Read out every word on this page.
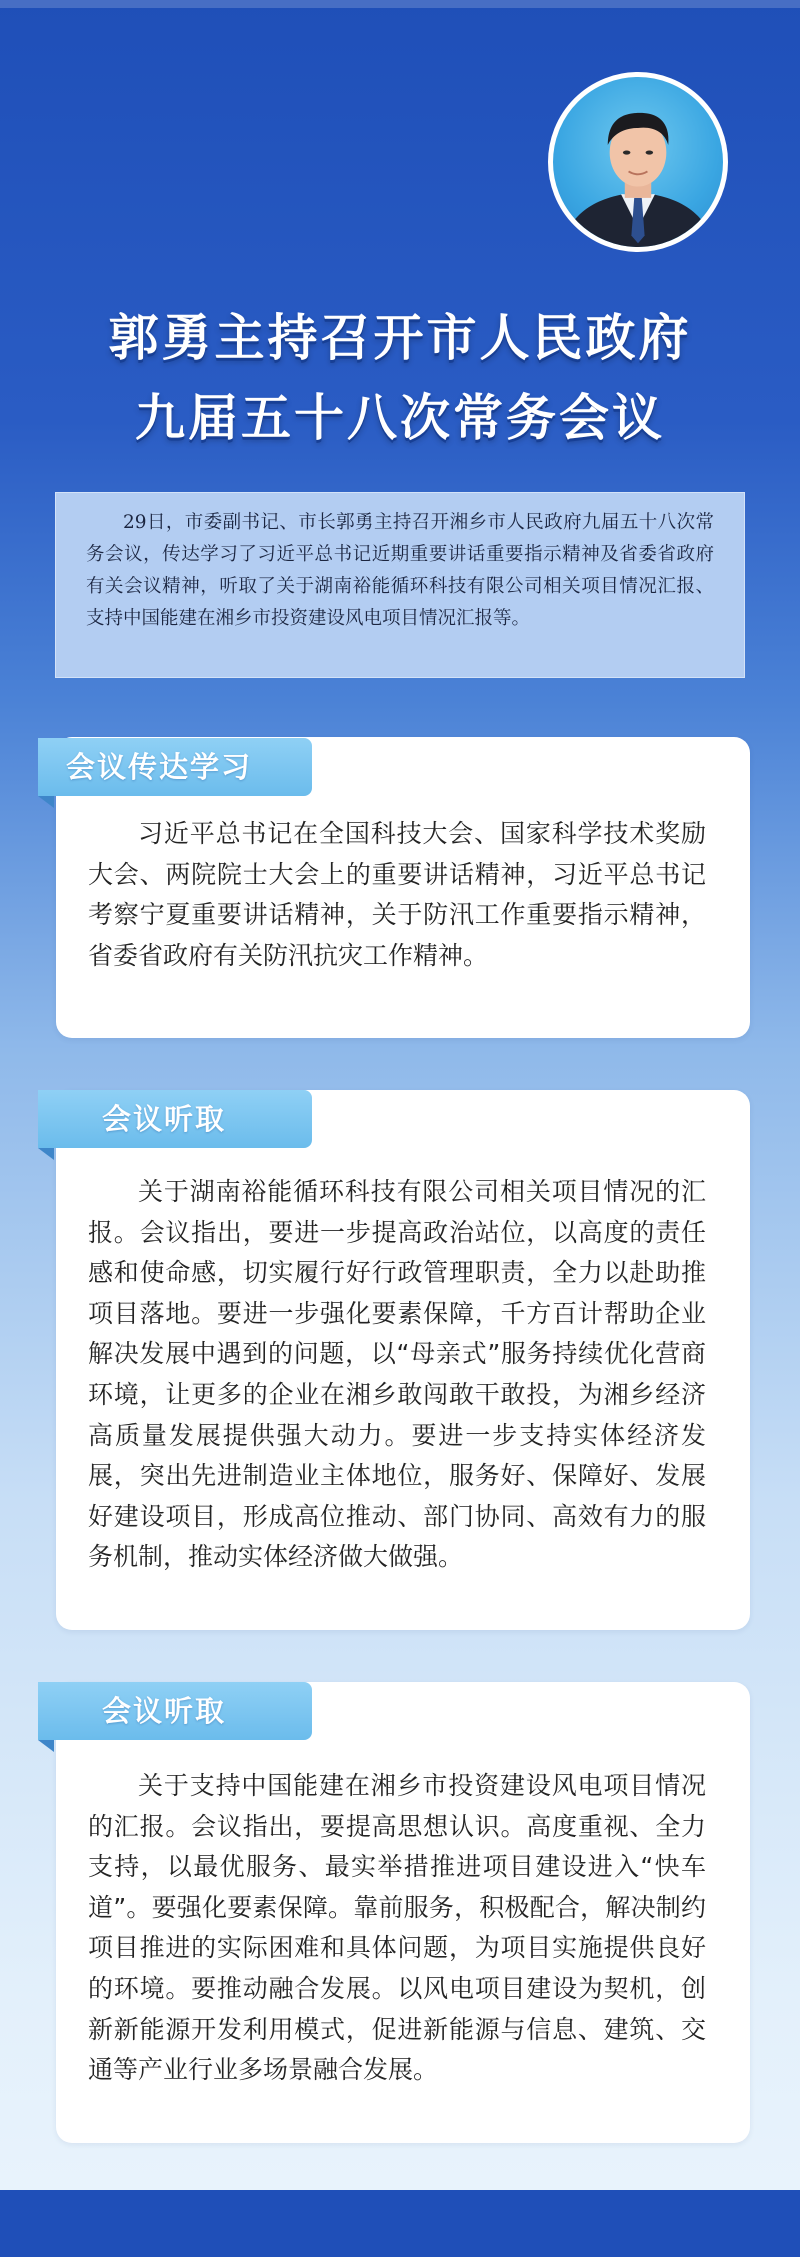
郭勇主持召开市人民政府
九届五十八次常务会议

29日，市委副书记、市长郭勇主持召开湘乡市人民政府九届五十八次常务会议，传达学习了习近平总书记近期重要讲话重要指示精神及省委省政府有关会议精神，听取了关于湖南裕能循环科技有限公司相关项目情况汇报、支持中国能建在湘乡市投资建设风电项目情况汇报等。

习近平总书记在全国科技大会、国家科学技术奖励大会、两院院士大会上的重要讲话精神，习近平总书记考察宁夏重要讲话精神，关于防汛工作重要指示精神，省委省政府有关防汛抗灾工作精神。

会议传达学习

关于湖南裕能循环科技有限公司相关项目情况的汇报。会议指出，要进一步提高政治站位，以高度的责任感和使命感，切实履行好行政管理职责，全力以赴助推项目落地。要进一步强化要素保障，千方百计帮助企业解决发展中遇到的问题，以“母亲式”服务持续优化营商环境，让更多的企业在湘乡敢闯敢干敢投，为湘乡经济高质量发展提供强大动力。要进一步支持实体经济发展，突出先进制造业主体地位，服务好、保障好、发展好建设项目，形成高位推动、部门协同、高效有力的服务机制，推动实体经济做大做强。

会议听取

关于支持中国能建在湘乡市投资建设风电项目情况的汇报。会议指出，要提高思想认识。高度重视、全力支持，以最优服务、最实举措推进项目建设进入“快车道”。要强化要素保障。靠前服务，积极配合，解决制约项目推进的实际困难和具体问题，为项目实施提供良好的环境。要推动融合发展。以风电项目建设为契机，创新新能源开发利用模式，促进新能源与信息、建筑、交通等产业行业多场景融合发展。

会议听取
